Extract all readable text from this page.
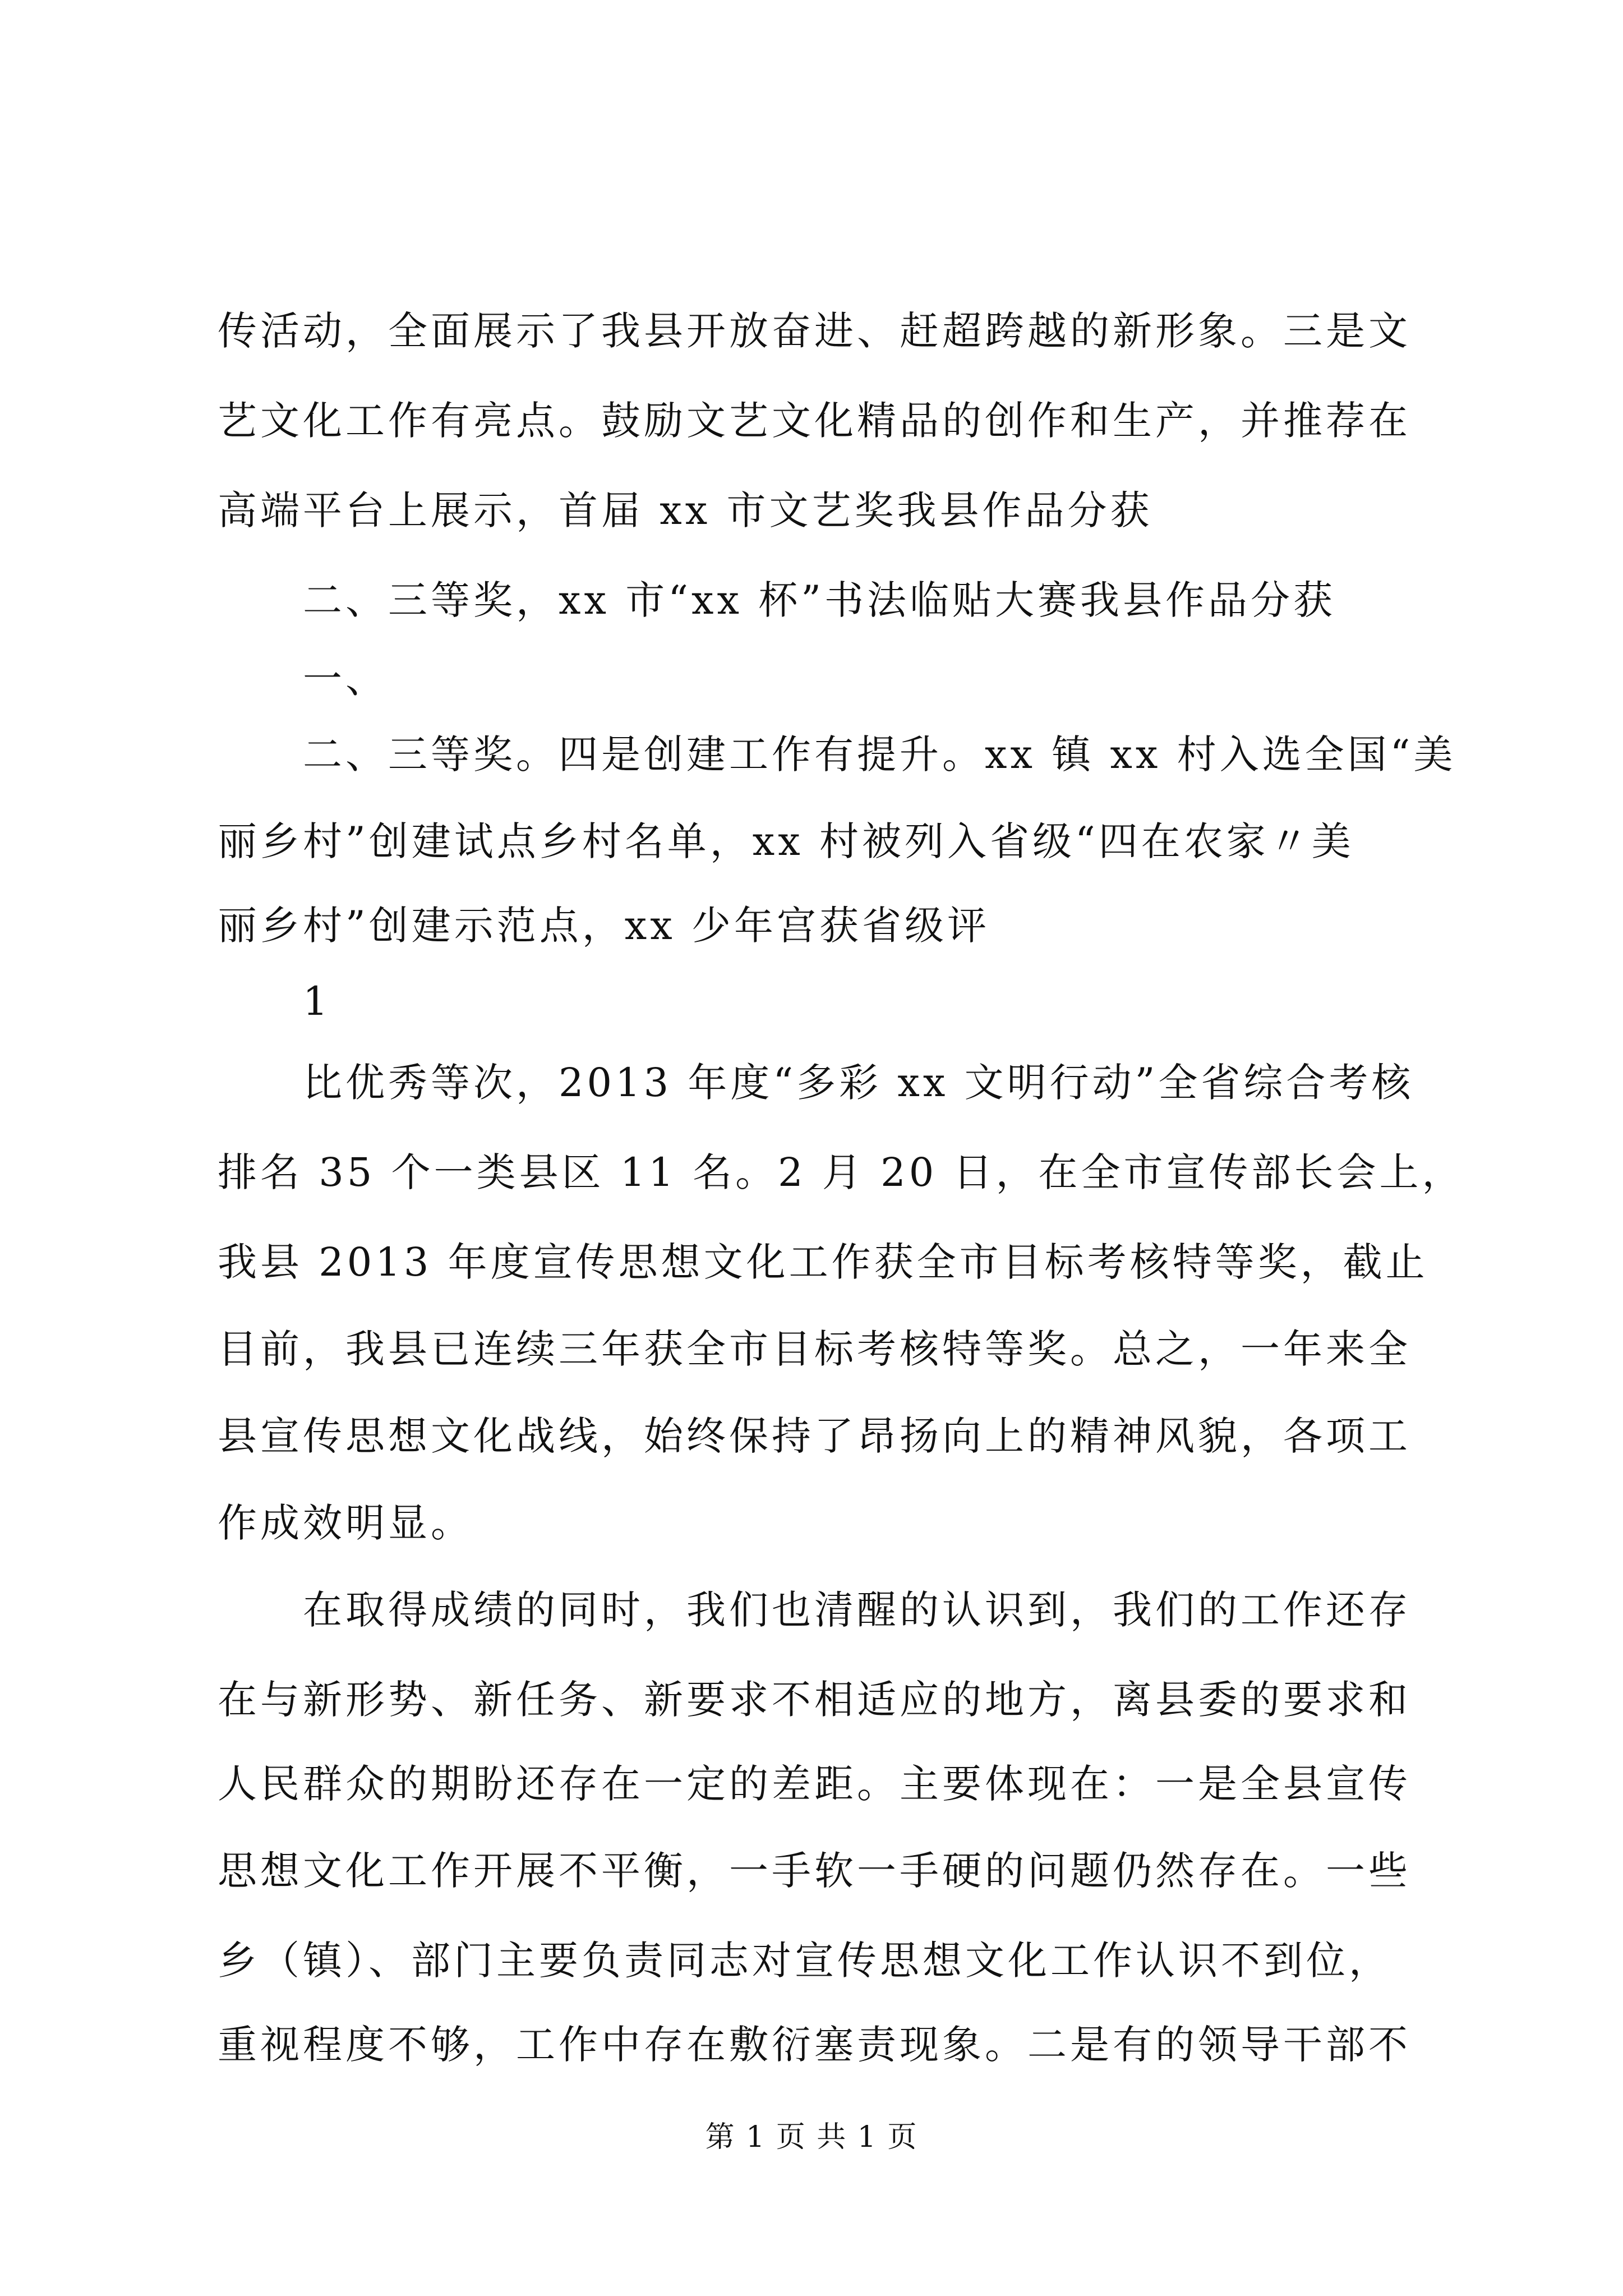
传活动，全面展示了我县开放奋进、赶超跨越的新形象。三是文
艺文化工作有亮点。鼓励文艺文化精品的创作和生产，并推荐在
高端平台上展示，首届 xx 市文艺奖我县作品分获
二、三等奖，xx 市“xx 杯”书法临贴大赛我县作品分获
一、
二、三等奖。四是创建工作有提升。xx 镇 xx 村入选全国“美
丽乡村”创建试点乡村名单，xx 村被列入省级“四在农家〃美
丽乡村”创建示范点，xx 少年宫获省级评
1
比优秀等次，2013 年度“多彩 xx 文明行动”全省综合考核
排名 35 个一类县区 11 名。2 月 20 日，在全市宣传部长会上，
我县 2013 年度宣传思想文化工作获全市目标考核特等奖，截止
目前，我县已连续三年获全市目标考核特等奖。总之，一年来全
县宣传思想文化战线，始终保持了昂扬向上的精神风貌，各项工
作成效明显。
在取得成绩的同时，我们也清醒的认识到，我们的工作还存
在与新形势、新任务、新要求不相适应的地方，离县委的要求和
人民群众的期盼还存在一定的差距。主要体现在：一是全县宣传
思想文化工作开展不平衡，一手软一手硬的问题仍然存在。一些
乡（镇）、部门主要负责同志对宣传思想文化工作认识不到位，
重视程度不够，工作中存在敷衍塞责现象。二是有的领导干部不
第 1 页 共 1 页
